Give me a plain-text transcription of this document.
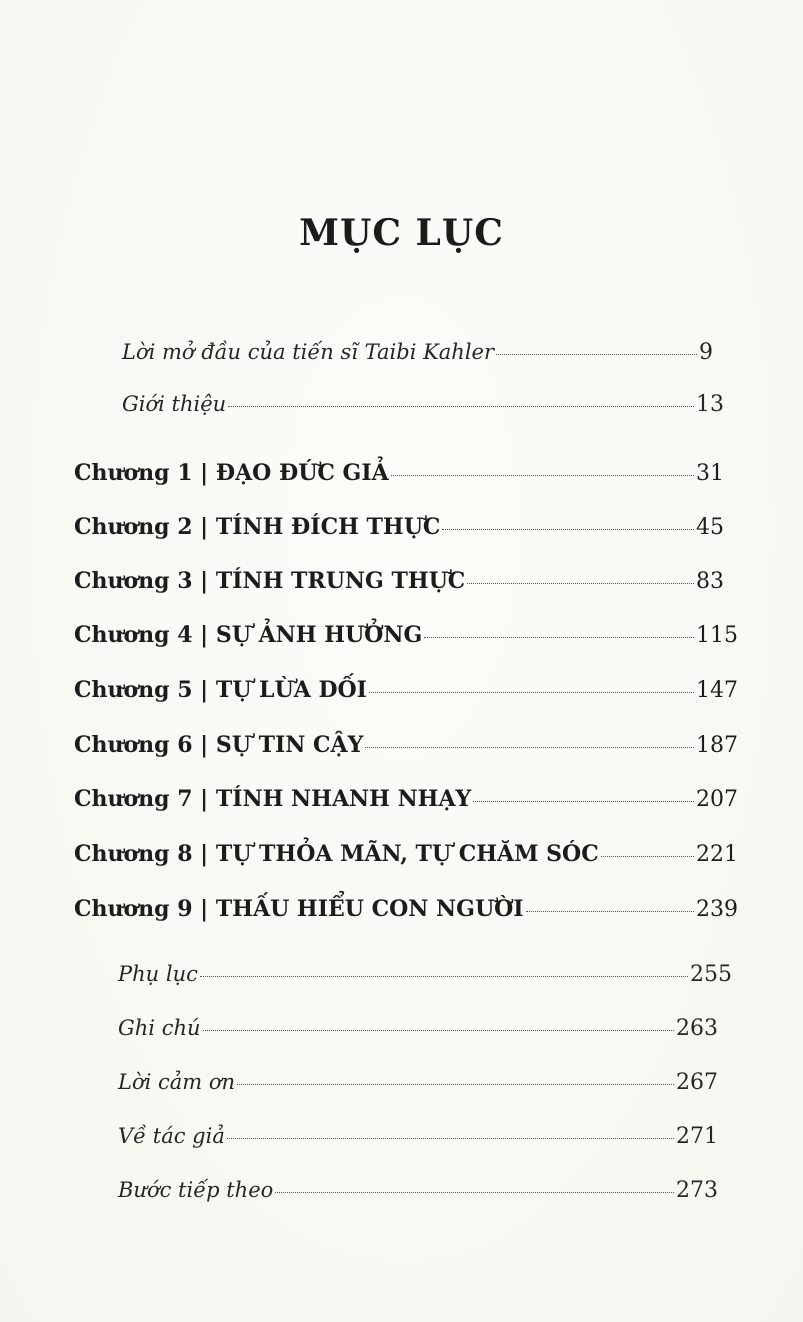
MỤC LỤC
Lời mở đầu của tiến sĩ Taibi Kahler	9
Giới thiệu	13
Chương 1 | ĐẠO ĐỨC GIẢ	31
Chương 2 | TÍNH ĐÍCH THỰC	45
Chương 3 | TÍNH TRUNG THỰC	83
Chương 4 | SỰ ẢNH HƯỞNG	115
Chương 5 | TỰ LỪA DỐI	147
Chương 6 | SỰ TIN CẬY	187
Chương 7 | TÍNH NHANH NHẠY	207
Chương 8 | TỰ THỎA MÃN, TỰ CHĂM SÓC	221
Chương 9 | THẤU HIỂU CON NGƯỜI	239
Phụ lục	255
Ghi chú	263
Lời cảm ơn	267
Về tác giả	271
Bước tiếp theo	273
